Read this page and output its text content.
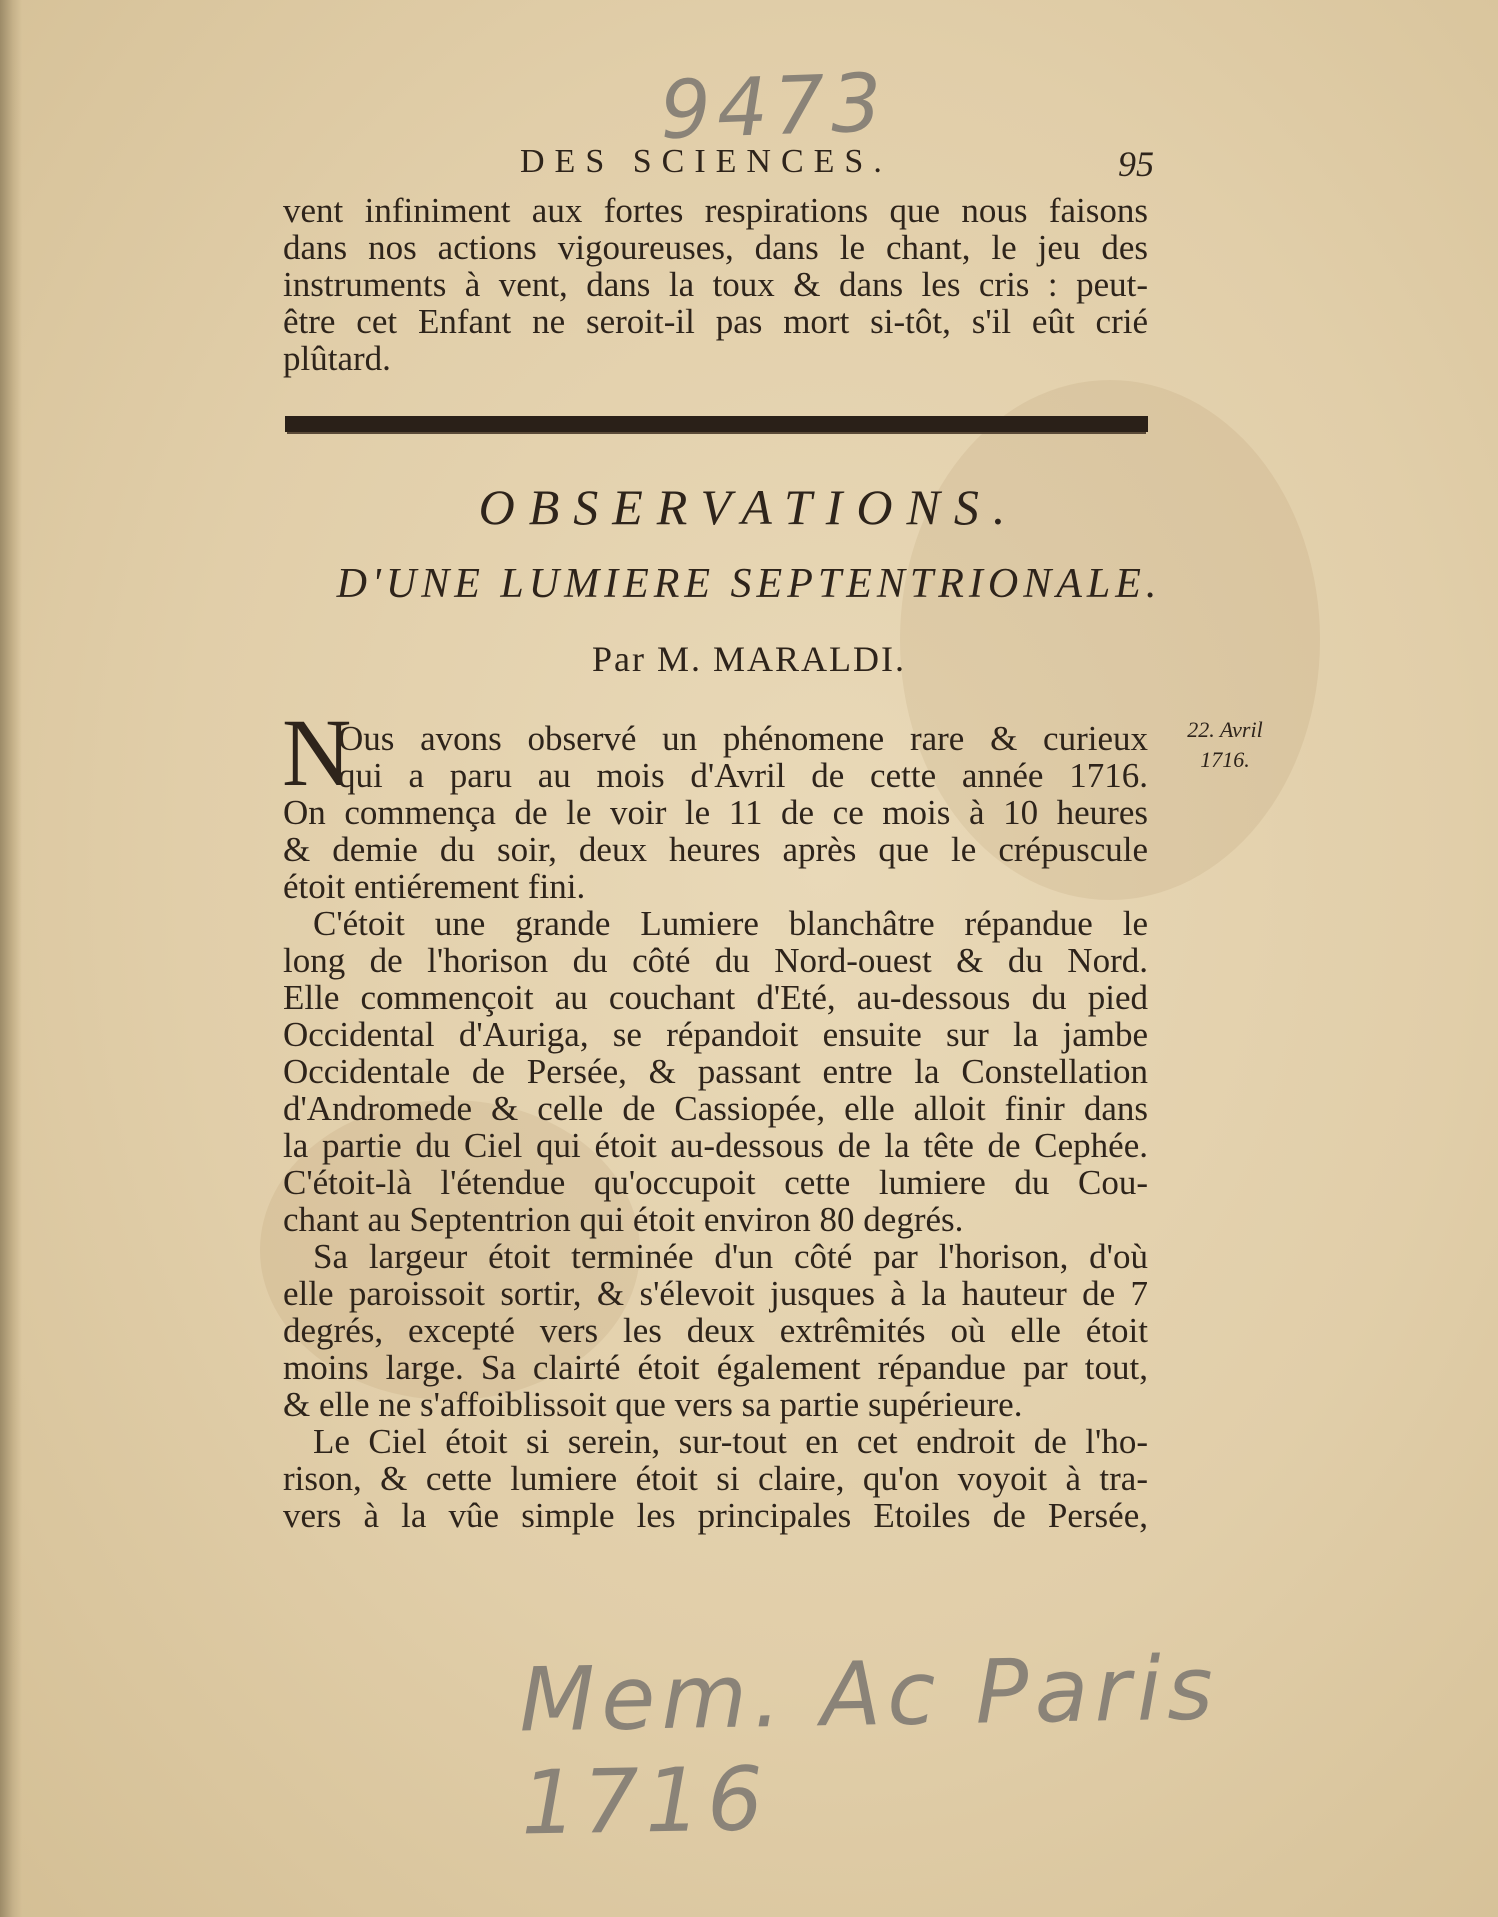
9473
DES SCIENCES.	95
vent infiniment aux fortes respirations que nous faisons
dans nos actions vigoureuses, dans le chant, le jeu des
instruments à vent, dans la toux & dans les cris : peut-
être cet Enfant ne seroit-il pas mort si-tôt, s'il eût crié
plûtard.
OBSERVATIONS.
D'UNE LUMIERE SEPTENTRIONALE.
Par M. MARALDI.
22. Avril 1716.
N
Ous avons observé un phénomene rare & curieux
qui a paru au mois d'Avril de cette année 1716.
On commença de le voir le 11 de ce mois à 10 heures
& demie du soir, deux heures après que le crépuscule
étoit entiérement fini.
C'étoit une grande Lumiere blanchâtre répandue le
long de l'horison du côté du Nord-ouest & du Nord.
Elle commençoit au couchant d'Eté, au-dessous du pied
Occidental d'Auriga, se répandoit ensuite sur la jambe
Occidentale de Persée, & passant entre la Constellation
d'Andromede & celle de Cassiopée, elle alloit finir dans
la partie du Ciel qui étoit au-dessous de la tête de Cephée.
C'étoit-là l'étendue qu'occupoit cette lumiere du Cou-
chant au Septentrion qui étoit environ 80 degrés.
Sa largeur étoit terminée d'un côté par l'horison, d'où
elle paroissoit sortir, & s'élevoit jusques à la hauteur de 7
degrés, excepté vers les deux extrêmités où elle étoit
moins large. Sa clairté étoit également répandue par tout,
& elle ne s'affoiblissoit que vers sa partie supérieure.
Le Ciel étoit si serein, sur-tout en cet endroit de l'ho-
rison, & cette lumiere étoit si claire, qu'on voyoit à tra-
vers à la vûe simple les principales Etoiles de Persée,
Mem. Ac Paris 1716
